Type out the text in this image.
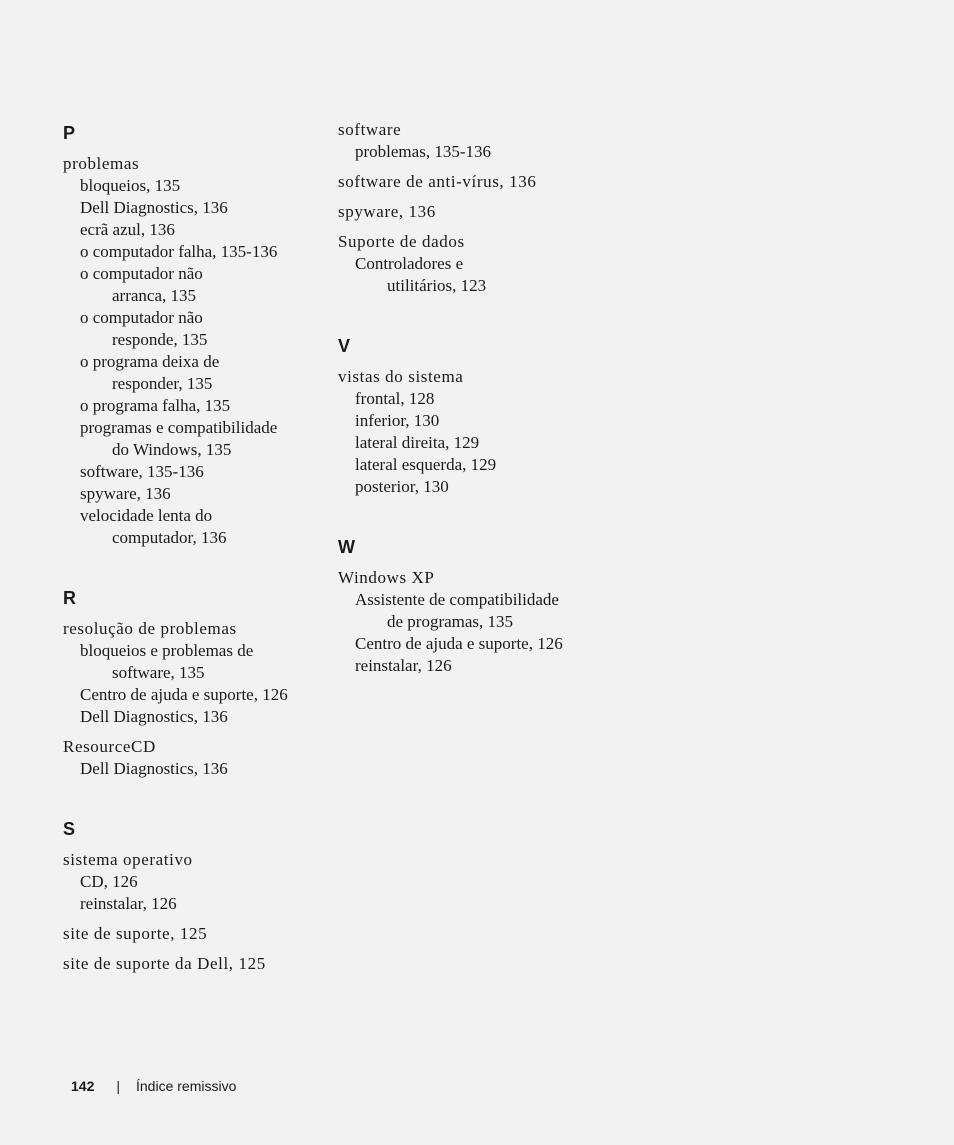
P
problemas
bloqueios, 135
Dell Diagnostics, 136
ecrã azul, 136
o computador falha, 135-136
o computador não
arranca, 135
o computador não
responde, 135
o programa deixa de
responder, 135
o programa falha, 135
programas e compatibilidade
do Windows, 135
software, 135-136
spyware, 136
velocidade lenta do
computador, 136
R
resolução de problemas
bloqueios e problemas de
software, 135
Centro de ajuda e suporte, 126
Dell Diagnostics, 136
ResourceCD
Dell Diagnostics, 136
S
sistema operativo
CD, 126
reinstalar, 126
site de suporte, 125
site de suporte da Dell, 125
software
problemas, 135-136
software de anti-vírus, 136
spyware, 136
Suporte de dados
Controladores e
utilitários, 123
V
vistas do sistema
frontal, 128
inferior, 130
lateral direita, 129
lateral esquerda, 129
posterior, 130
W
Windows XP
Assistente de compatibilidade
de programas, 135
Centro de ajuda e suporte, 126
reinstalar, 126
142 | Índice remissivo
